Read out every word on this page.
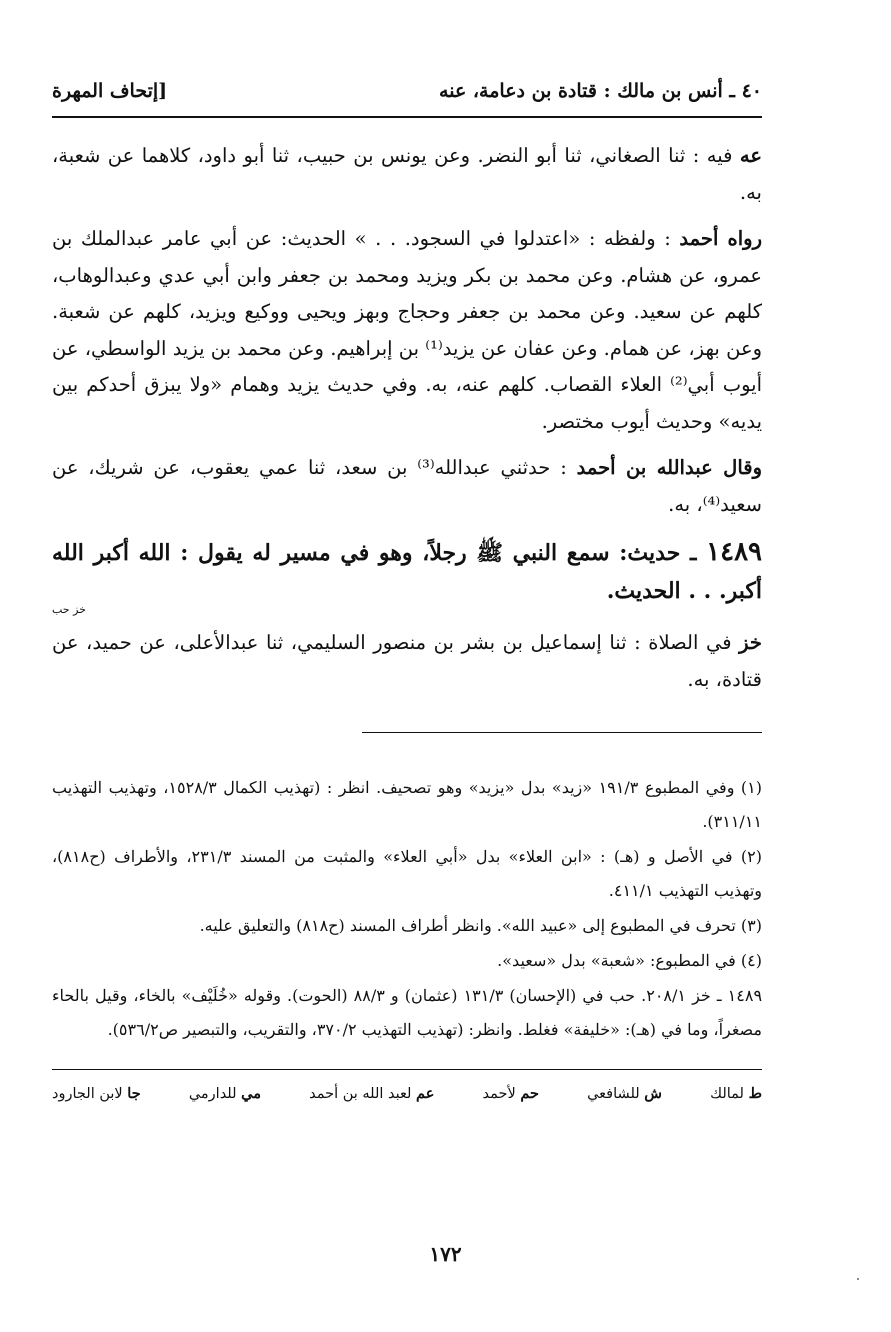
٤٠ ـ أنس بن مالك : قتادة بن دعامة، عنه
[إتحاف المهرة

عه فيه : ثنا الصغاني، ثنا أبو النضر. وعن يونس بن حبيب، ثنا أبو داود، كلاهما عن شعبة، به.

رواه أحمد : ولفظه : «اعتدلوا في السجود. . . » الحديث: عن أبي عامر عبدالملك بن عمرو، عن هشام. وعن محمد بن بكر ويزيد ومحمد بن جعفر وابن أبي عدي وعبدالوهاب، كلهم عن سعيد. وعن محمد بن جعفر وحجاج وبهز ويحيى ووكيع ويزيد، كلهم عن شعبة. وعن بهز، عن همام. وعن عفان عن يزيد⁽¹⁾ بن إبراهيم. وعن محمد بن يزيد الواسطي، عن أيوب أبي⁽²⁾ العلاء القصاب. كلهم عنه، به. وفي حديث يزيد وهمام «ولا يبزق أحدكم بين يديه» وحديث أيوب مختصر.

وقال عبدالله بن أحمد : حدثني عبدالله⁽³⁾ بن سعد، ثنا عمي يعقوب، عن شريك، عن سعيد⁽⁴⁾، به.

١٤٨٩ ـ حديث: سمع النبي ﷺ رجلاً، وهو في مسير له يقول : الله أكبر الله أكبر. . . الحديث.
خز حب

خز في الصلاة : ثنا إسماعيل بن بشر بن منصور السليمي، ثنا عبدالأعلى، عن حميد، عن قتادة، به.

(١) وفي المطبوع ١٩١/٣ «زيد» بدل «يزيد» وهو تصحيف. انظر : (تهذيب الكمال ١٥٢٨/٣، وتهذيب التهذيب ٣١١/١١).

(٢) في الأصل و (هـ) : «ابن العلاء» بدل «أبي العلاء» والمثبت من المسند ٢٣١/٣، والأطراف (ح٨١٨)، وتهذيب التهذيب ٤١١/١.

(٣) تحرف في المطبوع إلى «عبيد الله». وانظر أطراف المسند (ح٨١٨) والتعليق عليه.

(٤) في المطبوع: «شعبة» بدل «سعيد».

١٤٨٩ ـ خز ٢٠٨/١. حب في (الإحسان) ١٣١/٣ (عثمان) و ٨٨/٣ (الحوت). وقوله «خُلَيْف» بالخاء، وقيل بالحاء مصغراً، وما في (هـ): «خليفة» فغلط. وانظر: (تهذيب التهذيب ٣٧٠/٢، والتقريب، والتبصير ص٥٣٦/٢).

ط لمالك
ش للشافعي
حم لأحمد
عم لعبد الله بن أحمد
مي للدارمي
جا لابن الجارود
١٧٢
